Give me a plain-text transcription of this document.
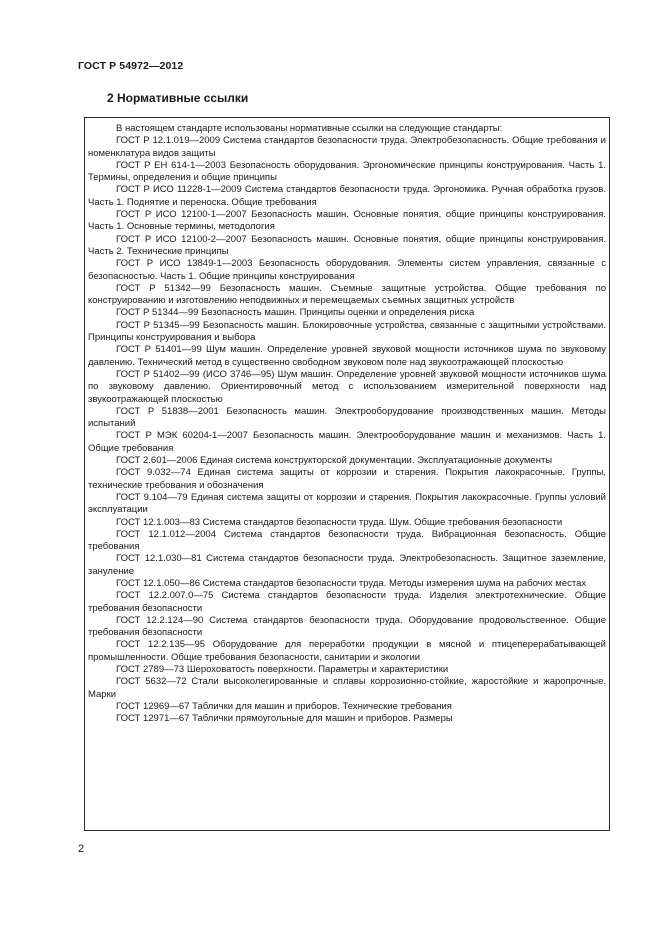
ГОСТ Р 54972—2012
2 Нормативные ссылки

В настоящем стандарте использованы нормативные ссылки на следующие стандарты:

ГОСТ Р 12.1.019—2009 Система стандартов безопасности труда. Электробезопасность. Общие требования и номенклатура видов защиты

ГОСТ Р ЕН 614-1—2003 Безопасность оборудования. Эргономические принципы конструирования. Часть 1. Термины, определения и общие принципы

ГОСТ Р ИСО 11228-1—2009 Система стандартов безопасности труда. Эргономика. Ручная обработка грузов. Часть 1. Поднятие и переноска. Общие требования

ГОСТ Р ИСО 12100-1—2007 Безопасность машин. Основные понятия, общие принципы конструирования. Часть 1. Основные термины, методология

ГОСТ Р ИСО 12100-2—2007 Безопасность машин. Основные понятия, общие принципы конструирования. Часть 2. Технические принципы

ГОСТ Р ИСО 13849-1—2003 Безопасность оборудования. Элементы систем управления, связанные с безопасностью. Часть 1. Общие принципы конструирования

ГОСТ Р 51342—99 Безопасность машин. Съемные защитные устройства. Общие требования по конструированию и изготовлению неподвижных и перемещаемых съемных защитных устройств

ГОСТ Р 51344—99 Безопасность машин. Принципы оценки и определения риска

ГОСТ Р 51345—99 Безопасность машин. Блокировочные устройства, связанные с защитными устройствами. Принципы конструирования и выбора

ГОСТ Р 51401—99 Шум машин. Определение уровней звуковой мощности источников шума по звуковому давлению. Технический метод в существенно свободном звуковом поле над звукоотражающей плоскостью

ГОСТ Р 51402—99 (ИСО 3746—95) Шум машин. Определение уровней звуковой мощности источников шума по звуковому давлению. Ориентировочный метод с использованием измерительной поверхности над звукоотражающей плоскостью

ГОСТ Р 51838—2001 Безопасность машин. Электрооборудование производственных машин. Методы испытаний

ГОСТ Р МЭК 60204-1—2007 Безопасность машин. Электрооборудование машин и механизмов. Часть 1. Общие требования

ГОСТ 2.601—2006 Единая система конструкторской документации. Эксплуатационные документы

ГОСТ 9.032—74 Единая система защиты от коррозии и старения. Покрытия лакокрасочные. Группы, технические требования и обозначения

ГОСТ 9.104—79 Единая система защиты от коррозии и старения. Покрытия лакокрасочные. Группы условий эксплуатации

ГОСТ 12.1.003—83 Система стандартов безопасности труда. Шум. Общие требования безопасности

ГОСТ 12.1.012—2004 Система стандартов безопасности труда. Вибрационная безопасность. Общие требования

ГОСТ 12.1.030—81 Система стандартов безопасности труда. Электробезопасность. Защитное заземление, зануление

ГОСТ 12.1.050—86 Система стандартов безопасности труда. Методы измерения шума на рабочих местах

ГОСТ 12.2.007.0—75 Система стандартов безопасности труда. Изделия электротехнические. Общие требования безопасности

ГОСТ 12.2.124—90 Система стандартов безопасности труда. Оборудование продовольственное. Общие требования безопасности

ГОСТ 12.2.135—95 Оборудование для переработки продукции в мясной и птицеперерабатывающей промышленности. Общие требования безопасности, санитарии и экологии

ГОСТ 2789—73 Шероховатость поверхности. Параметры и характеристики

ГОСТ 5632—72 Стали высоколегированные и сплавы коррозионно-стойкие, жаростойкие и жаропрочные. Марки

ГОСТ 12969—67 Таблички для машин и приборов. Технические требования

ГОСТ 12971—67 Таблички прямоугольные для машин и приборов. Размеры

2
